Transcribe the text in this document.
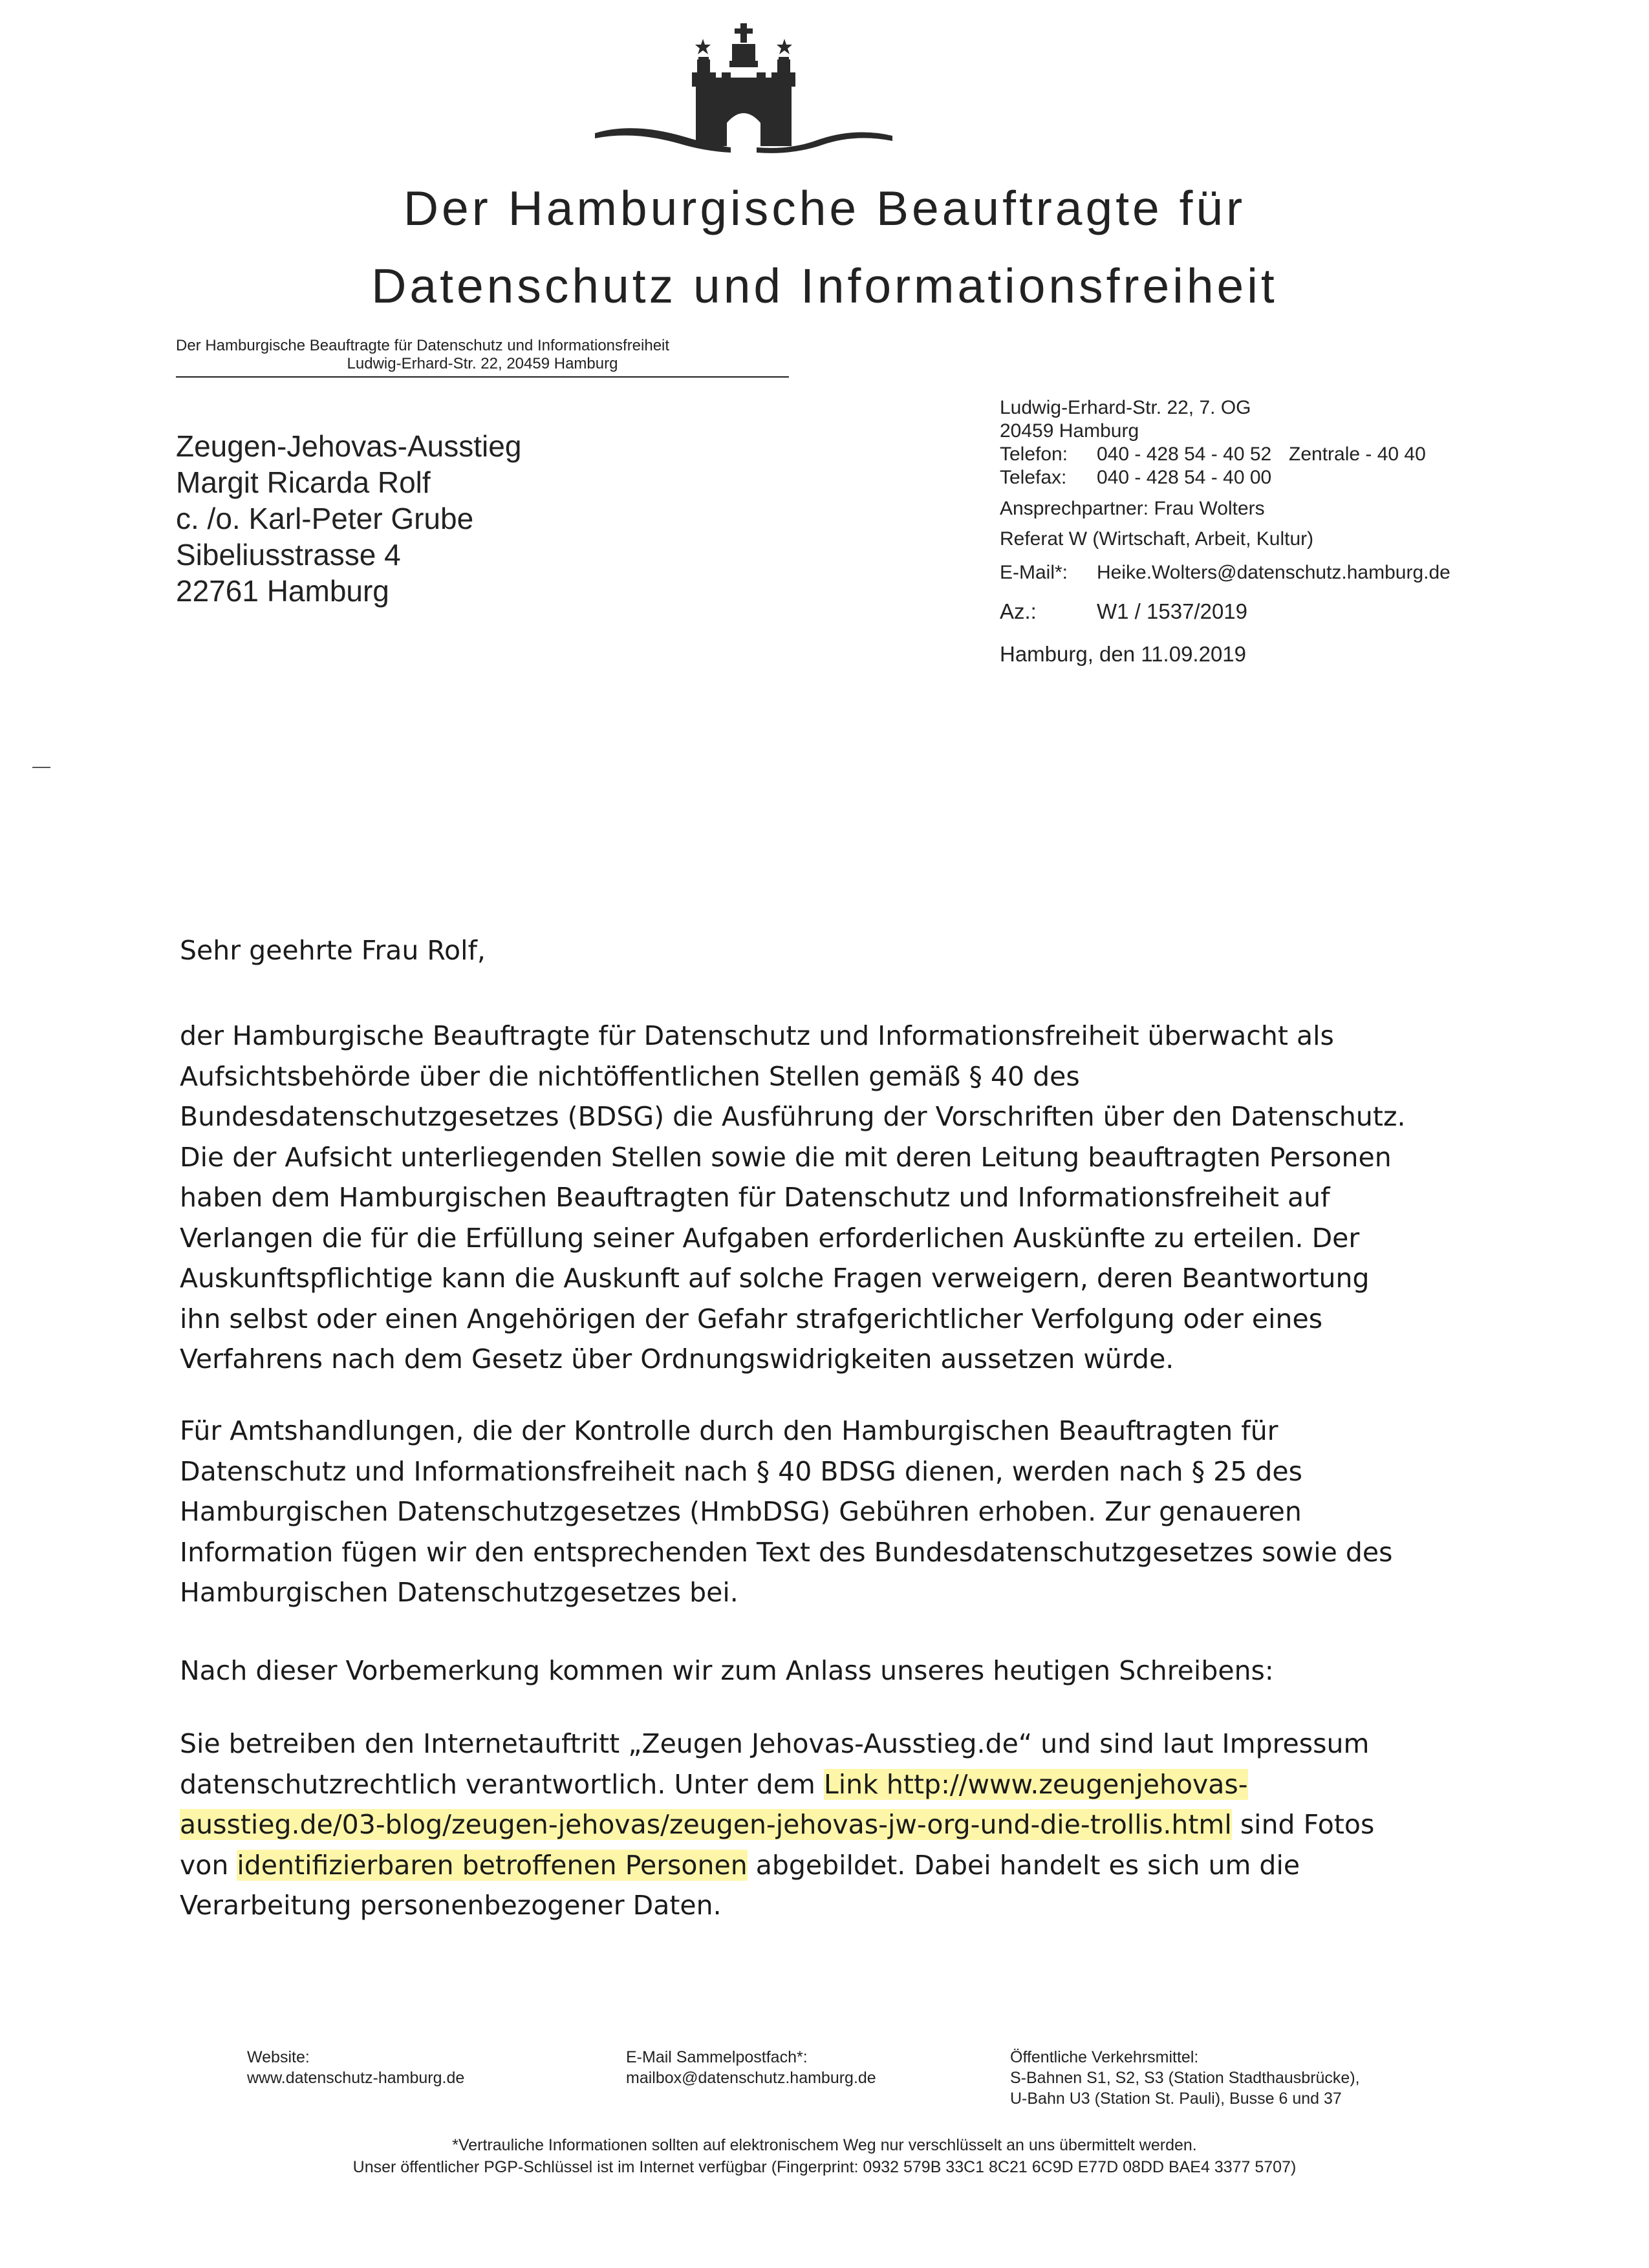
Der Hamburgische Beauftragte für
Datenschutz und Informationsfreiheit
Der Hamburgische Beauftragte für Datenschutz und Informationsfreiheit
Ludwig-Erhard-Str. 22, 20459 Hamburg
Zeugen-Jehovas-Ausstieg
Margit Ricarda Rolf
c. /o. Karl-Peter Grube
Sibeliusstrasse 4
22761 Hamburg
Ludwig-Erhard-Str. 22, 7. OG
20459 Hamburg
Telefon: 040 - 428 54 - 40 52 Zentrale - 40 40
Telefax: 040 - 428 54 - 40 00
Ansprechpartner: Frau Wolters
Referat W (Wirtschaft, Arbeit, Kultur)
E-Mail*: Heike.Wolters@datenschutz.hamburg.de
Az.:	W1 / 1537/2019
Hamburg, den 11.09.2019
Sehr geehrte Frau Rolf,
der Hamburgische Beauftragte für Datenschutz und Informationsfreiheit überwacht als
Aufsichtsbehörde über die nichtöffentlichen Stellen gemäß § 40 des
Bundesdatenschutzgesetzes (BDSG) die Ausführung der Vorschriften über den Datenschutz.
Die der Aufsicht unterliegenden Stellen sowie die mit deren Leitung beauftragten Personen
haben dem Hamburgischen Beauftragten für Datenschutz und Informationsfreiheit auf
Verlangen die für die Erfüllung seiner Aufgaben erforderlichen Auskünfte zu erteilen. Der
Auskunftspflichtige kann die Auskunft auf solche Fragen verweigern, deren Beantwortung
ihn selbst oder einen Angehörigen der Gefahr strafgerichtlicher Verfolgung oder eines
Verfahrens nach dem Gesetz über Ordnungswidrigkeiten aussetzen würde.
Für Amtshandlungen, die der Kontrolle durch den Hamburgischen Beauftragten für
Datenschutz und Informationsfreiheit nach § 40 BDSG dienen, werden nach § 25 des
Hamburgischen Datenschutzgesetzes (HmbDSG) Gebühren erhoben. Zur genaueren
Information fügen wir den entsprechenden Text des Bundesdatenschutzgesetzes sowie des
Hamburgischen Datenschutzgesetzes bei.
Nach dieser Vorbemerkung kommen wir zum Anlass unseres heutigen Schreibens:
Sie betreiben den Internetauftritt „Zeugen Jehovas-Ausstieg.de“ und sind laut Impressum
datenschutzrechtlich verantwortlich. Unter dem Link http://www.zeugenjehovas-
ausstieg.de/03-blog/zeugen-jehovas/zeugen-jehovas-jw-org-und-die-trollis.html sind Fotos
von identifizierbaren betroffenen Personen abgebildet. Dabei handelt es sich um die
Verarbeitung personenbezogener Daten.
Website:
www.datenschutz-hamburg.de
E-Mail Sammelpostfach*:
mailbox@datenschutz.hamburg.de
Öffentliche Verkehrsmittel:
S-Bahnen S1, S2, S3 (Station Stadthausbrücke),
U-Bahn U3 (Station St. Pauli), Busse 6 und 37
*Vertrauliche Informationen sollten auf elektronischem Weg nur verschlüsselt an uns übermittelt werden.
Unser öffentlicher PGP-Schlüssel ist im Internet verfügbar (Fingerprint: 0932 579B 33C1 8C21 6C9D E77D 08DD BAE4 3377 5707)
